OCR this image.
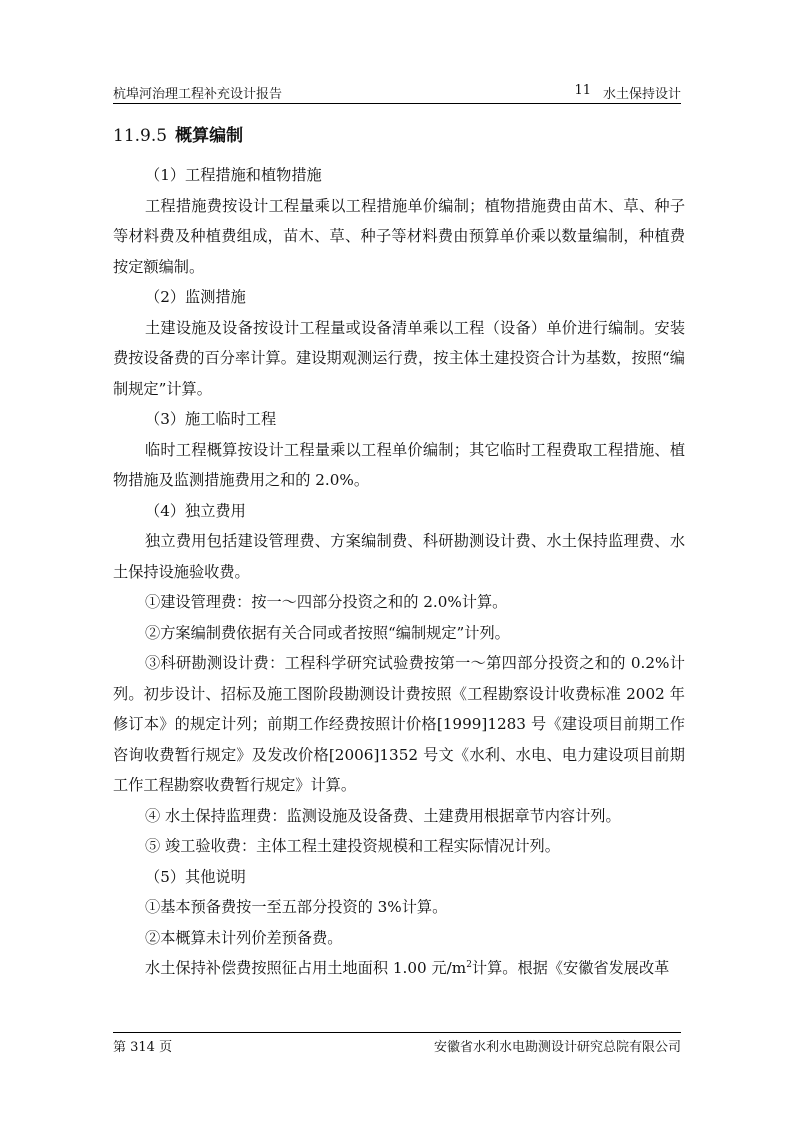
杭埠河治理工程补充设计报告	11 水土保持设计
11.9.5 概算编制

（1）工程措施和植物措施

工程措施费按设计工程量乘以工程措施单价编制；植物措施费由苗木、草、种子等材料费及种植费组成，苗木、草、种子等材料费由预算单价乘以数量编制，种植费按定额编制。

（2）监测措施

土建设施及设备按设计工程量或设备清单乘以工程（设备）单价进行编制。安装费按设备费的百分率计算。建设期观测运行费，按主体土建投资合计为基数，按照“编制规定”计算。

（3）施工临时工程

临时工程概算按设计工程量乘以工程单价编制；其它临时工程费取工程措施、植物措施及监测措施费用之和的 2.0%。

（4）独立费用

独立费用包括建设管理费、方案编制费、科研勘测设计费、水土保持监理费、水土保持设施验收费。

①建设管理费：按一～四部分投资之和的 2.0%计算。

②方案编制费依据有关合同或者按照“编制规定”计列。

③科研勘测设计费：工程科学研究试验费按第一～第四部分投资之和的 0.2%计列。初步设计、招标及施工图阶段勘测设计费按照《工程勘察设计收费标准 2002 年修订本》的规定计列；前期工作经费按照计价格[1999]1283 号《建设项目前期工作咨询收费暂行规定》及发改价格[2006]1352 号文《水利、水电、电力建设项目前期工作工程勘察收费暂行规定》计算。

④ 水土保持监理费：监测设施及设备费、土建费用根据章节内容计列。

⑤ 竣工验收费：主体工程土建投资规模和工程实际情况计列。

（5）其他说明

①基本预备费按一至五部分投资的 3%计算。

②本概算未计列价差预备费。

水土保持补偿费按照征占用土地面积 1.00 元$/m^2$计算。根据《安徽省发展改革

第 314 页	安徽省水利水电勘测设计研究总院有限公司
